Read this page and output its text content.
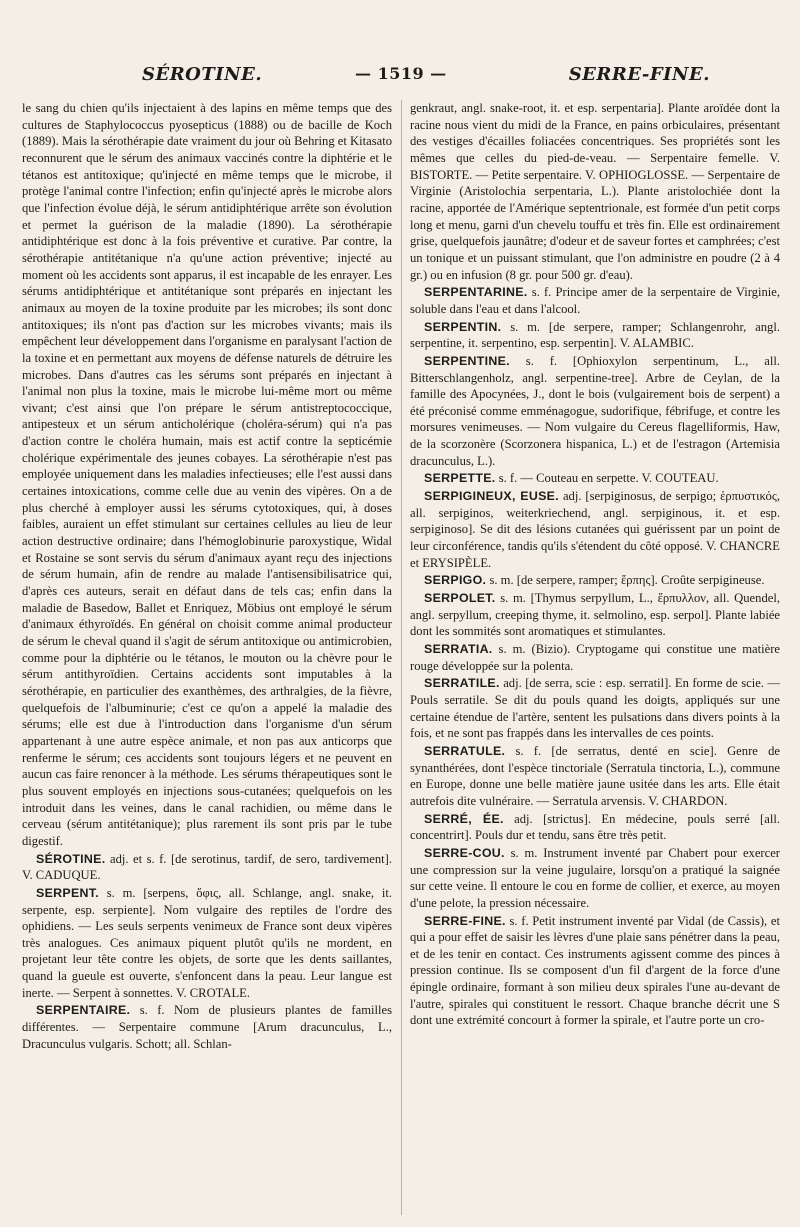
SÉROTINE.	— 1519 —	SERRE-FINE.

le sang du chien qu'ils injectaient à des lapins en même temps que des cultures de Staphylococcus pyosepticus (1888) ou de bacille de Koch (1889). Mais la sérothérapie date vraiment du jour où Behring et Kitasato reconnurent que le sérum des animaux vaccinés contre la diphtérie et le tétanos est antitoxique; qu'injecté en même temps que le microbe, il protège l'animal contre l'infection; enfin qu'injecté après le microbe alors que l'infection évolue déjà, le sérum antidiphtérique arrête son évolution et permet la guérison de la maladie (1890). La sérothérapie antidiphtérique est donc à la fois préventive et curative. Par contre, la sérothérapie antitétanique n'a qu'une action préventive; injecté au moment où les accidents sont apparus, il est incapable de les enrayer. Les sérums antidiphtérique et antitétanique sont préparés en injectant les animaux au moyen de la toxine produite par les microbes; ils sont donc antitoxiques; ils n'ont pas d'action sur les microbes vivants; mais ils empêchent leur développement dans l'organisme en paralysant l'action de la toxine et en permettant aux moyens de défense naturels de détruire les microbes. Dans d'autres cas les sérums sont préparés en injectant à l'animal non plus la toxine, mais le microbe lui-même mort ou même vivant; c'est ainsi que l'on prépare le sérum antistreptococcique, antipesteux et un sérum anticholérique (choléra-sérum) qui n'a pas d'action contre le choléra humain, mais est actif contre la septicémie cholérique expérimentale des jeunes cobayes. La sérothérapie n'est pas employée uniquement dans les maladies infectieuses; elle l'est aussi dans certaines intoxications, comme celle due au venin des vipères. On a de plus cherché à employer aussi les sérums cytotoxiques, qui, à doses faibles, auraient un effet stimulant sur certaines cellules au lieu de leur action destructive ordinaire; dans l'hémoglobinurie paroxystique, Widal et Rostaine se sont servis du sérum d'animaux ayant reçu des injections de sérum humain, afin de rendre au malade l'antisensibilisatrice qui, d'après ces auteurs, serait en défaut dans de tels cas; enfin dans la maladie de Basedow, Ballet et Enriquez, Möbius ont employé le sérum d'animaux éthyroïdés. En général on choisit comme animal producteur de sérum le cheval quand il s'agit de sérum antitoxique ou antimicrobien, comme pour la diphtérie ou le tétanos, le mouton ou la chèvre pour le sérum antithyroïdien. Certains accidents sont imputables à la sérothérapie, en particulier des exanthèmes, des arthralgies, de la fièvre, quelquefois de l'albuminurie; c'est ce qu'on a appelé la maladie des sérums; elle est due à l'introduction dans l'organisme d'un sérum appartenant à une autre espèce animale, et non pas aux anticorps que renferme le sérum; ces accidents sont toujours légers et ne peuvent en aucun cas faire renoncer à la méthode. Les sérums thérapeutiques sont le plus souvent employés en injections sous-cutanées; quelquefois on les introduit dans les veines, dans le canal rachidien, ou même dans le cerveau (sérum antitétanique); plus rarement ils sont pris par le tube digestif.

SÉROTINE. adj. et s. f. [de serotinus, tardif, de sero, tardivement]. V. CADUQUE.

SERPENT. s. m. [serpens, ὄφις, all. Schlange, angl. snake, it. serpente, esp. serpiente]. Nom vulgaire des reptiles de l'ordre des ophidiens. — Les seuls serpents venimeux de France sont deux vipères très analogues. Ces animaux piquent plutôt qu'ils ne mordent, en projetant leur tête contre les objets, de sorte que les dents saillantes, quand la gueule est ouverte, s'enfoncent dans la peau. Leur langue est inerte. — Serpent à sonnettes. V. CROTALE.

SERPENTAIRE. s. f. Nom de plusieurs plantes de familles différentes. — Serpentaire commune [Arum dracunculus, L., Dracunculus vulgaris. Schott; all. Schlan-

genkraut, angl. snake-root, it. et esp. serpentaria]. Plante aroïdée dont la racine nous vient du midi de la France, en pains orbiculaires, présentant des vestiges d'écailles foliacées concentriques. Ses propriétés sont les mêmes que celles du pied-de-veau. — Serpentaire femelle. V. BISTORTE. — Petite serpentaire. V. OPHIOGLOSSE. — Serpentaire de Virginie (Aristolochia serpentaria, L.). Plante aristolochiée dont la racine, apportée de l'Amérique septentrionale, est formée d'un petit corps long et menu, garni d'un chevelu touffu et très fin. Elle est ordinairement grise, quelquefois jaunâtre; d'odeur et de saveur fortes et camphrées; c'est un tonique et un puissant stimulant, que l'on administre en poudre (2 à 4 gr.) ou en infusion (8 gr. pour 500 gr. d'eau).

SERPENTARINE. s. f. Principe amer de la serpentaire de Virginie, soluble dans l'eau et dans l'alcool.

SERPENTIN. s. m. [de serpere, ramper; Schlangenrohr, angl. serpentine, it. serpentino, esp. serpentin]. V. ALAMBIC.

SERPENTINE. s. f. [Ophioxylon serpentinum, L., all. Bitterschlangenholz, angl. serpentine-tree]. Arbre de Ceylan, de la famille des Apocynées, J., dont le bois (vulgairement bois de serpent) a été préconisé comme emménagogue, sudorifique, fébrifuge, et contre les morsures venimeuses. — Nom vulgaire du Cereus flagelliformis, Haw, de la scorzonère (Scorzonera hispanica, L.) et de l'estragon (Artemisia dracunculus, L.).

SERPETTE. s. f. — Couteau en serpette. V. COUTEAU.

SERPIGINEUX, EUSE. adj. [serpiginosus, de serpigo; ἑρπυστικός, all. serpiginos, weiterkriechend, angl. serpiginous, it. et esp. serpiginoso]. Se dit des lésions cutanées qui guérissent par un point de leur circonférence, tandis qu'ils s'étendent du côté opposé. V. CHANCRE et ERYSIPÈLE.

SERPIGO. s. m. [de serpere, ramper; ἕρπης]. Croûte serpigineuse.

SERPOLET. s. m. [Thymus serpyllum, L., ἕρπυλλον, all. Quendel, angl. serpyllum, creeping thyme, it. selmolino, esp. serpol]. Plante labiée dont les sommités sont aromatiques et stimulantes.

SERRATIA. s. m. (Bizio). Cryptogame qui constitue une matière rouge développée sur la polenta.

SERRATILE. adj. [de serra, scie : esp. serratil]. En forme de scie. — Pouls serratile. Se dit du pouls quand les doigts, appliqués sur une certaine étendue de l'artère, sentent les pulsations dans divers points à la fois, et ne sont pas frappés dans les intervalles de ces points.

SERRATULE. s. f. [de serratus, denté en scie]. Genre de synanthérées, dont l'espèce tinctoriale (Serratula tinctoria, L.), commune en Europe, donne une belle matière jaune usitée dans les arts. Elle était autrefois dite vulnéraire. — Serratula arvensis. V. CHARDON.

SERRÉ, ÉE. adj. [strictus]. En médecine, pouls serré [all. concentrirt]. Pouls dur et tendu, sans être très petit.

SERRE-COU. s. m. Instrument inventé par Chabert pour exercer une compression sur la veine jugulaire, lorsqu'on a pratiqué la saignée sur cette veine. Il entoure le cou en forme de collier, et exerce, au moyen d'une pelote, la pression nécessaire.

SERRE-FINE. s. f. Petit instrument inventé par Vidal (de Cassis), et qui a pour effet de saisir les lèvres d'une plaie sans pénétrer dans la peau, et de les tenir en contact. Ces instruments agissent comme des pinces à pression continue. Ils se composent d'un fil d'argent de la force d'une épingle ordinaire, formant à son milieu deux spirales l'une au-devant de l'autre, spirales qui constituent le ressort. Chaque branche décrit une S dont une extrémité concourt à former la spirale, et l'autre porte un cro-
